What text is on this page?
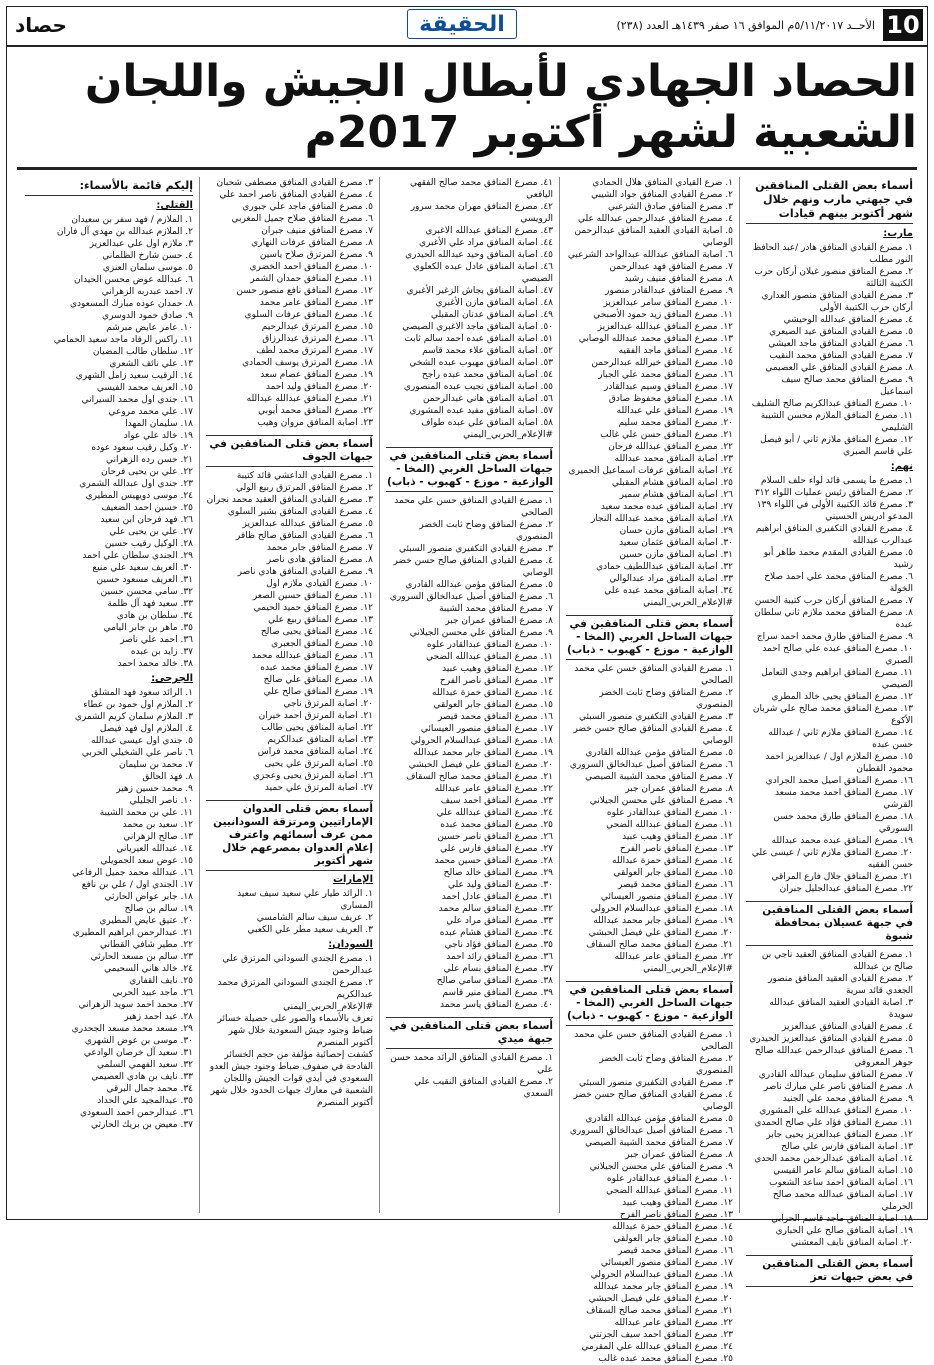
10
الأحــد ٥/١١/٢٠١٧م الموافق ١٦ صفر ١٤٣٩هـ العدد (٢٣٨)
الحقيقة
حصاد
الحصاد الجهادي لأبطال الجيش واللجان الشعبية لشهر أكتوبر 2017م
أسماء بعض القتلى المنافقين في جبهتي مارب ونهم خلال شهر أكتوبر بينهم قيادات
مارب:
١. مصرع القيادي المنافق هادر /عبد الحافظ النور مطلب
٢. مصرع المنافق منصور غيلان أركان حرب الكتيبة الثالثة
٣. مصرع القيادي المنافق منصور العداري أركان حرب الكتيبة الأولى
٤. مصرع المنافق عبدالله الوحيشي
٥. مصرع القيادي المنافق عيد الصيعري
٦. مصرع القيادي المنافق ماجد العيشي
٧. مصرع القيادي المنافق محمد النقيب
٨. مصرع القيادي المنافق علي العصيمي
٩. مصرع المنافق محمد صالح سيف اسماعيل
١٠. مصرع المنافق عبدالكريم صالح الشليف
١١. مصرع المنافق الملازم محسن الشيبة الشليمي
١٢. مصرع المنافق ملازم ثاني / أبو فيصل علي قاسم الصبري
نهم:
١. مصرع ما يسمى قائد لواء حلف السلام
٢. مصرع المنافق رئيس عمليات اللواء ٣١٢
٣. مصرع قائد الكتيبة الأولى في اللواء ١٣٩ المدعو ادريس الحسيني
٤. مصرع القيادي التكفيري المنافق ابراهيم عبدالرب عبدالله
٥. مصرع القيادي المقدم محمد طاهر أبو رشيد
٦. مصرع المنافق محمد علي احمد صلاح الخولة
٧. مصرع المنافق أركان حرب كتيبة الحسن
٨. مصرع المنافق محمد ملازم ثاني سلطان عبده
٩. مصرع المنافق طارق محمد احمد سراج
١٠. مصرع المنافق عبده علي صالح احمد الصبري
١١. مصرع المنافق ابراهيم وجدي التعامل الصيصي
١٢. مصرع المنافق يحيى خالد المطري
١٣. مصرع المنافق محمد صالح علي شربان الأكوع
١٤. مصرع المنافق ملازم ثاني / عبدالله حسن عبده
١٥. مصرع الملازم اول / عبدالعزيز احمد محمود القطبان
١٦. مصرع المنافق اصيل محمد الجرادي
١٧. مصرع المنافق احمد محمد مسعد القرشي
١٨. مصرع المنافق طارق محمد حسن السورقي
١٩. مصرع المنافق عبده محمد عبدالله
٢٠. مصرع المنافق ملازم ثاني / عيسى علي حسن الفقيه
٢١. مصرع المنافق جلال فارع المراقي
٢٢. مصرع المنافق عبدالجليل جبران
أسماء بعض القتلى المنافقين في جبهة عسيلان بمحافظة شبوة
١. مصرع القيادي المنافق العقيد ناجي بن صالح بن عبدالله
٢. مصرع القيادي العقيد المنافق منصور الجعدي قائد سرية
٣. اصابة القيادي العقيد المنافق عبدالله سويدة
٤. مصرع القيادي المنافق عبدالعزيز
٥. مصرع القيادي المنافق عبدالعزيز الحيدري
٦. مصرع المنافق عبدالرحمن عبدالله صالح جوهر المعروفي
٧. مصرع المنافق سليمان عبدالله القادري
٨. مصرع المنافق ناصر علي مبارك ناصر
٩. مصرع المنافق محمد علي الجنيد
١٠. مصرع المنافق عبدالله علي المشوري
١١. مصرع المنافق فؤاد علي صالح الحمدي
١٢. مصرع المنافق عبدالعزيز يحيى جابر
١٣. اصابة المنافق فارس علي صالح
١٤. اصابة المنافق عبدالرحمن محمد الحدي
١٥. اصابة المنافق سالم عامر القيسي
١٦. اصابة المنافق احمد ساعد الشعوب
١٧. اصابة المنافق عبدالله محمد صالح الحرملي
١٨. اصابة المنافق ماجد قاسم الحرابي
١٩. اصابة المنافق صالح علي الحباري
٢٠. اصابة المنافق نايف المعشني
أسماء بعض القتلى المنافقين في بعض جبهات تعز
١. صرع القيادي المنافق هلال الحمادي
٢. مصرع القيادي المنافق جواد الشيبي
٣. مصرع المنافق صادق الشرعبي
٤. مصرع المنافق عبدالرحمن عبدالله علي
٥. اصابة القيادي العقيد المنافق عبدالرحمن الوصابي
٦. اصابة المنافق عبدالله عبدالواحد الشرعبي
٧. مصرع المنافق فهد عبدالرحمن
٨. مصرع المنافق منيف رشيد
٩. مصرع المنافق عبدالقادر منصور
١٠. مصرع المنافق سامر عبدالعزيز
١١. مصرع المنافق زيد حمود الأصبحي
١٢. مصرع المنافق عبدالله عبدالعزيز
١٣. مصرع المنافق محمد عبدالله الوصابي
١٤. مصرع المنافق ماجد الفقيه
١٥. مصرع المنافق خيرالله عبدالرحمن
١٦. مصرع المنافق محمد علي الجبار
١٧. مصرع المنافق وسيم عبدالقادر
١٨. مصرع المنافق محفوظ صادق
١٩. مصرع المنافق علي عبدالله
٢٠. مصرع المنافق محمد سليم
٢١. مصرع المنافق حسن علي غالب
٢٢. مصرع المنافق عبدالله فرحان
٢٣. اصابة المنافق محمد عبدالله
٢٤. اصابة المنافق عرفات اسماعيل الحميري
٢٥. اصابة المنافق هشام المقبلي
٢٦. اصابة المنافق هشام سمير
٢٧. اصابة المنافق عبده محمد سعيد
٢٨. اصابة المنافق محمد عبدالله النجار
٢٩. اصابة المنافق مازن حسان
٣٠. اصابة المنافق عثمان سعيد
٣١. اصابة المنافق مازن حسين
٣٢. اصابة المنافق عبداللطيف حمادي
٣٣. اصابة المنافق مراد عبدالوالي
٣٤. اصابة المنافق محمد عبده علي
#الإعلام_الحربي_اليمني
أسماء بعض قتلى المنافقين في جبهات الساحل الغربي (المخا - الوازعية - موزع - كهبوب - ذباب)
١. مصرع القيادي المنافق حسن علي محمد الصالحي
٢. مصرع المنافق وضاح ثابت الخضر المنصوري
٣. مصرع القيادي التكفيري منصور السبئي
٤. مصرع القيادي المنافق صالح حسن خضر الوصابي
٥. مصرع المنافق مؤمن عبدالله القادري
٦. مصرع المنافق أصيل عبدالخالق السروري
٧. مصرع المنافق محمد الشيبة الصيصي
٨. مصرع المنافق عمران جبر
٩. مصرع المنافق علي محسن الجيلاني
١٠. مصرع المنافق عبدالقادر علوه
١١. مصرع المنافق عبدالله الضحي
١٢. مصرع المنافق وهيب عبيد
١٣. مصرع المنافق ناصر الفرح
١٤. مصرع المنافق حمزة عبدالله
١٥. مصرع المنافق جابر العولقي
١٦. مصرع المنافق محمد قيصر
١٧. مصرع المنافق منصور العيسائي
١٨. مصرع المنافق عبدالسلام الحرولي
١٩. مصرع المنافق جابر محمد عبدالله
٢٠. مصرع المنافق علي فيصل الحبشي
٢١. مصرع المنافق محمد صالح السقاف
٢٢. مصرع المنافق عامر عبدالله
#الإعلام_الحربي_اليمني
أسماء بعض قتلى المنافقين في جبهات الساحل الغربي (المخا - الوازعية - موزع - كهبوب - ذباب)
١. مصرع القيادي المنافق حسن علي محمد الصالحي
٢. مصرع المنافق وضاح ثابت الخضر المنصوري
٣. مصرع القيادي التكفيري منصور السبئي
٤. مصرع القيادي المنافق صالح حسن خضر الوصابي
٥. مصرع المنافق مؤمن عبدالله القادري
٦. مصرع المنافق أصيل عبدالخالق السروري
٧. مصرع المنافق محمد الشيبة الصيصي
٨. مصرع المنافق عمران جبر
٩. مصرع المنافق علي محسن الجيلاني
١٠. مصرع المنافق عبدالقادر علوه
١١. مصرع المنافق عبدالله الضحي
١٢. مصرع المنافق وهيب عبيد
١٣. مصرع المنافق ناصر الفرح
١٤. مصرع المنافق حمزة عبدالله
١٥. مصرع المنافق جابر العولقي
١٦. مصرع المنافق محمد قيصر
١٧. مصرع المنافق منصور العيسائي
١٨. مصرع المنافق عبدالسلام الحرولي
١٩. مصرع المنافق جابر محمد عبدالله
٢٠. مصرع المنافق علي فيصل الحبشي
٢١. مصرع المنافق محمد صالح السقاف
٢٢. مصرع المنافق عامر عبدالله
٢٣. مصرع المنافق احمد سيف الجرتني
٢٤. مصرع المنافق عبدالله علي المقرمي
٢٥. مصرع المنافق محمد عبده غالب
٤١. مصرع المنافق محمد صالح الفقهي اليافعي
٤٢. مصرع المنافق مهران محمد سرور الرويسي
٤٣. مصرع المنافق عبدالله الاغبري
٤٤. اصابة المنافق مراد علي الأغبري
٤٥. اصابة المنافق وحيد عبدالله الحيدري
٤٦. اصابة المنافق عادل عبده الكعلوي الصيصي
٤٧. اصابة المنافق بجاش الزغير الأغبري
٤٨. اصابة المنافق مازن الأغبري
٤٩. اصابة المنافق عدنان المقبلي
٥٠. اصابة المنافق ماجد الاغبري الصيصي
٥١. اصابة المنافق عبده احمد سالم ثابت
٥٢. اصابة المنافق علاء محمد قاسم
٥٣. اصابة المنافق مهيوب عبده الشخي
٥٤. اصابة المنافق محمد عبده راجح
٥٥. اصابة المنافق نجيب عبده المنصوري
٥٦. اصابة المنافق هاني عبدالرحمن
٥٧. اصابة المنافق مفيد عبده المشوري
٥٨. اصابة المنافق علي عبده طواف
#الإعلام_الحربي_اليمني
أسماء بعض قتلى المنافقين في جبهات الساحل الغربي (المخا - الوازعية - موزع - كهبوب - ذباب)
١. مصرع القيادي المنافق حسن علي محمد الصالحي
٢. مصرع المنافق وضاح ثابت الخضر المنصوري
٣. مصرع القيادي التكفيري منصور السبئي
٤. مصرع القيادي المنافق صالح حسن خضر الوصابي
٥. مصرع المنافق مؤمن عبدالله القادري
٦. مصرع المنافق أصيل عبدالخالق السروري
٧. مصرع المنافق محمد الشيبة
٨. مصرع المنافق عمران جبر
٩. مصرع المنافق علي محسن الجيلاني
١٠. مصرع المنافق عبدالقادر علوه
١١. مصرع المنافق عبدالله الضحي
١٢. مصرع المنافق وهيب عبيد
١٣. مصرع المنافق ناصر الفرح
١٤. مصرع المنافق حمزة عبدالله
١٥. مصرع المنافق جابر العولقي
١٦. مصرع المنافق محمد قيصر
١٧. مصرع المنافق منصور العيسائي
١٨. مصرع المنافق عبدالسلام الحرولي
١٩. مصرع المنافق جابر محمد عبدالله
٢٠. مصرع المنافق علي فيصل الحبشي
٢١. مصرع المنافق محمد صالح السقاف
٢٢. مصرع المنافق عامر عبدالله
٢٣. مصرع المنافق احمد سيف
٢٤. مصرع المنافق عبدالله علي
٢٥. مصرع المنافق محمد عبده
٢٦. مصرع المنافق ناصر حسين
٢٧. مصرع المنافق فارس علي
٢٨. مصرع المنافق حسين محمد
٢٩. مصرع المنافق خالد صالح
٣٠. مصرع المنافق وليد علي
٣١. مصرع المنافق عادل احمد
٣٢. مصرع المنافق سالم محمد
٣٣. مصرع المنافق مراد علي
٣٤. مصرع المنافق هشام عبده
٣٥. مصرع المنافق فؤاد ناجي
٣٦. مصرع المنافق رائد احمد
٣٧. مصرع المنافق بسام علي
٣٨. مصرع المنافق سامي صالح
٣٩. مصرع المنافق منير قاسم
٤٠. مصرع المنافق ياسر محمد
أسماء بعض قتلى المنافقين في جبهة ميدي
١. مصرع القيادي المنافق الرائد محمد حسن علي
٢. مصرع القيادي المنافق النقيب علي السعدي
٣. مصرع القيادي المنافق مصطفى شحبان
٤. مصرع القيادي المنافق ناصر احمد علي
٥. مصرع المنافق ماجد علي جبوري
٦. مصرع المنافق صلاح جميل المغربي
٧. مصرع المنافق منيف جبران
٨. مصرع المنافق عرفات النهاري
٩. مصرع المرتزق صلاح ياسين
١٠. مصرع المنافق احمد الخضري
١١. مصرع المنافق حمدان الشمر
١٢. مصرع المنافق نافع منصور حسن
١٣. مصرع المنافق عامر محمد
١٤. مصرع المنافق عرفات السلوي
١٥. مصرع المرتزق عبدالرحيم
١٦. مصرع المرتزق عبدالرزاق
١٧. مصرع المرتزق محمد لطف
١٨. مصرع المرتزق يوسف الحمادي
١٩. مصرع المنافق عصام سعد
٢٠. مصرع المنافق وليد احمد
٢١. مصرع المنافق عبدالله عبدالله
٢٢. مصرع المنافق محمد أيوبي
٢٣. اصابة المنافق مروان وهيب
أسماء بعض قتلى المنافقين في جبهات الجوف
١. مصرع القيادي الداعشي قائد كتيبة
٢. مصرع المنافق المرتزق ربيع الولي
٣. مصرع القيادي المنافق العقيد محمد نجران
٤. مصرع القيادي المنافق بشير السلوي
٥. مصرع المنافق عبدالله عبدالعزيز
٦. مصرع القيادي المنافق صالح ظافر
٧. مصرع المنافق جابر محمد
٨. مصرع المنافق هادي ناصر
٩. مصرع القيادي المنافق هادي ناصر
١٠. مصرع القيادي ملازم اول
١١. مصرع المنافق حسين الصعر
١٢. مصرع المنافق حميد الحيمي
١٣. مصرع المنافق ربيع علي
١٤. مصرع المنافق يحيى صالح
١٥. مصرع المنافق الجعبري
١٦. مصرع المنافق عبدالله محمد
١٧. مصرع المنافق محمد عبده
١٨. مصرع المنافق علي صالح
١٩. مصرع المنافق صالح علي
٢٠. اصابة المرتزق ناجي
٢١. اصابة المرتزق احمد خيران
٢٢. اصابة المنافق يحيى طالب
٢٣. اصابة المنافق عبدالكريم
٢٤. اصابة المنافق محمد فراس
٢٥. اصابة المرتزق علي يحيى
٢٦. اصابة المرتزق يحيى وعجزي
٢٧. اصابة المرتزق علي حميد
أسماء بعض قتلى العدوان الإماراتيين ومرتزقة السودانيين ممن عرف أسمائهم واعترف إعلام العدوان بمصرعهم خلال شهر أكتوبر
الإمارات
١. الرائد طيار علي سعيد سيف سعيد المساري
٢. عريف سيف سالم الشامسي
٣. العريف سعيد مطر علي الكعبي
السودان:
١. مصرع الجندي السوداني المرتزق علي عبدالرحمن
٢. مصرع الجندي السوداني المرتزق محمد عبدالكريم
#الإعلام_الحربي_اليمني
تعرف بالأسماء والصور على حصيلة خسائر ضباط وجنود جيش السعودية خلال شهر أكتوبر المنصرم
كشفت إحصائية مؤلفة من حجم الخسائر الفادحة في صفوف ضباط وجنود جيش العدو السعودي في أيدي قوات الجيش واللجان الشعبية في معارك جبهات الحدود خلال شهر أكتوبر المنصرم
إليكم قائمة بالأسماء:
القتلى:
١. الملازم / فهد سفر بن سعيدان
٢. الملازم عبدالله بن مهدي آل فاران
٣. ملازم اول علي عبدالعزيز
٤. حسن شارخ الظلماني
٥. موسى سلمان العنزي
٦. عبدالله عوض محسن الحيدان
٧. احمد عبدربه الزهراني
٨. حمدان عوده مبارك المسعودي
٩. صادق حمود الدوسري
١٠. عامر عايض مبرشم
١١. راكس الرفاد ماجد سعيد الحمامي
١٢. سلطان طالب المضيان
١٣. علي نائف الشعري
١٤. الرقيب سعيد زامل الشهري
١٥. العريف محمد الفيسي
١٦. جندي اول محمد السيراني
١٧. علي محمد مروعي
١٨. سليمان المهدا
١٩. خالد علي عواد
٢٠. وكيل رقيب سعود عوده
٢١. حسن رده الزهراني
٢٢. علي بن يحيى فرحان
٢٣. جندي اول عبدالله الشمري
٢٤. موسى دويهيس المطيري
٢٥. حسين احمد الضعيف
٢٦. فهد فرحان ابن سعيد
٢٧. علي بن يحيى علي
٢٨. الوكيل رقيب حسين
٢٩. الجندي سلطان علي احمد
٣٠. العريف سعيد علي منيع
٣١. العريف مسعود حسين
٣٢. سامي محسن حسين
٣٣. سعيد فهد آل ظلمة
٣٤. سلطان بن هادي
٣٥. ماهر بن جابر اليامي
٣٦. احمد علي ناصر
٣٧. زايد بن عبده
٣٨. خالد محمد احمد
الجرحى:
١. الرائد سعود فهد المشلق
٢. الملازم اول حمود بن عطاء
٣. الملازم سلمان كريم الشمري
٤. الملازم اول فهد فيصل
٥. جندي اول عيسى عبدالله
٦. ناصر علي الشخيلي الحربي
٧. محمد بن سليمان
٨. فهد الحالق
٩. محمد حسين زهير
١٠. ناصر الجليلي
١١. علي بن محمد الشيبة
١٢. سعيد بن محمد
١٣. صالح الزهراني
١٤. عبدالله العيرياني
١٥. عوض سعد الجمويلي
١٦. عبدالله محمد جميل الرفاعي
١٧. الجندي اول / علي بن نافع
١٨. جابر عواض الحارثي
١٩. سالم بن صالح
٢٠. عتيق عايض المطيري
٢١. عبدالرحمن ابراهيم المطيري
٢٢. مطير شافي القطاني
٢٣. سالم بن مسعد الحارثي
٢٤. خالد هاني السحيمي
٢٥. نايف القفاري
٢٦. ماجد عبيد الحربي
٢٧. محمد احمد سويد الزهراني
٢٨. عيد احمد زهير
٢٩. مسعد محمد مسعد الجحدري
٣٠. موسى بن عوض الشهري
٣١. سعيد آل خرصان الوادعي
٣٢. سعيد الفهمي السلمي
٣٣. نايف بن هادي العصيمي
٣٤. محمد جمال البرقي
٣٥. عبدالمجيد علي الحداد
٣٦. عبدالرحمن احمد السعودي
٣٧. معيض بن بريك الحارثي
